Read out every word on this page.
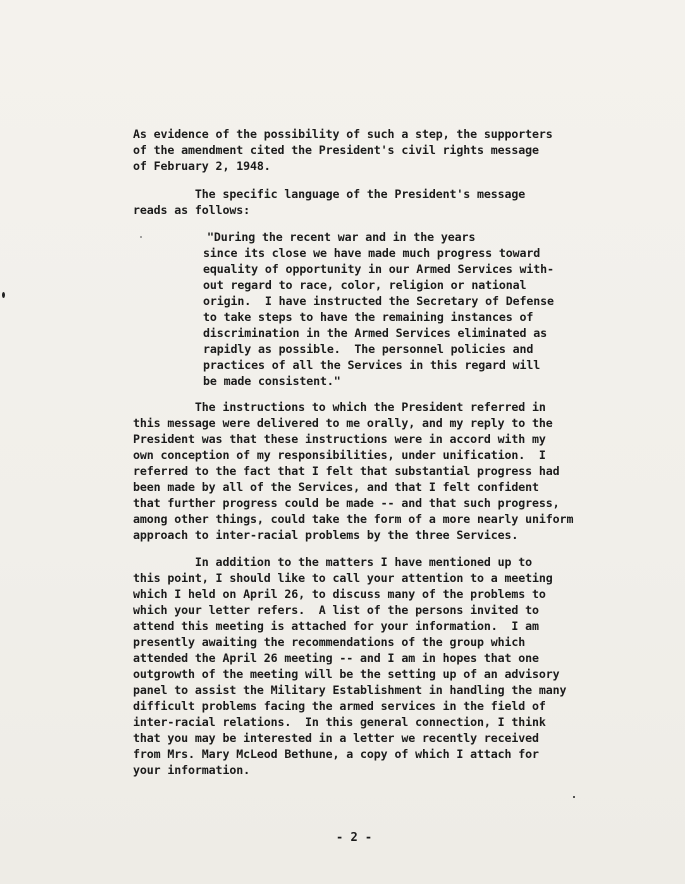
As evidence of the possibility of such a step, the supporters

of the amendment cited the President's civil rights message

of February 2, 1948.

The specific language of the President's message

reads as follows:

"During the recent war and in the years

since its close we have made much progress toward

equality of opportunity in our Armed Services with-

out regard to race, color, religion or national

origin.  I have instructed the Secretary of Defense

to take steps to have the remaining instances of

discrimination in the Armed Services eliminated as

rapidly as possible.  The personnel policies and

practices of all the Services in this regard will

be made consistent."

The instructions to which the President referred in

this message were delivered to me orally, and my reply to the

President was that these instructions were in accord with my

own conception of my responsibilities, under unification.  I

referred to the fact that I felt that substantial progress had

been made by all of the Services, and that I felt confident

that further progress could be made -- and that such progress,

among other things, could take the form of a more nearly uniform

approach to inter-racial problems by the three Services.

In addition to the matters I have mentioned up to

this point, I should like to call your attention to a meeting

which I held on April 26, to discuss many of the problems to

which your letter refers.  A list of the persons invited to

attend this meeting is attached for your information.  I am

presently awaiting the recommendations of the group which

attended the April 26 meeting -- and I am in hopes that one

outgrowth of the meeting will be the setting up of an advisory

panel to assist the Military Establishment in handling the many

difficult problems facing the armed services in the field of

inter-racial relations.  In this general connection, I think

that you may be interested in a letter we recently received

from Mrs. Mary McLeod Bethune, a copy of which I attach for

your information.

- 2 -
